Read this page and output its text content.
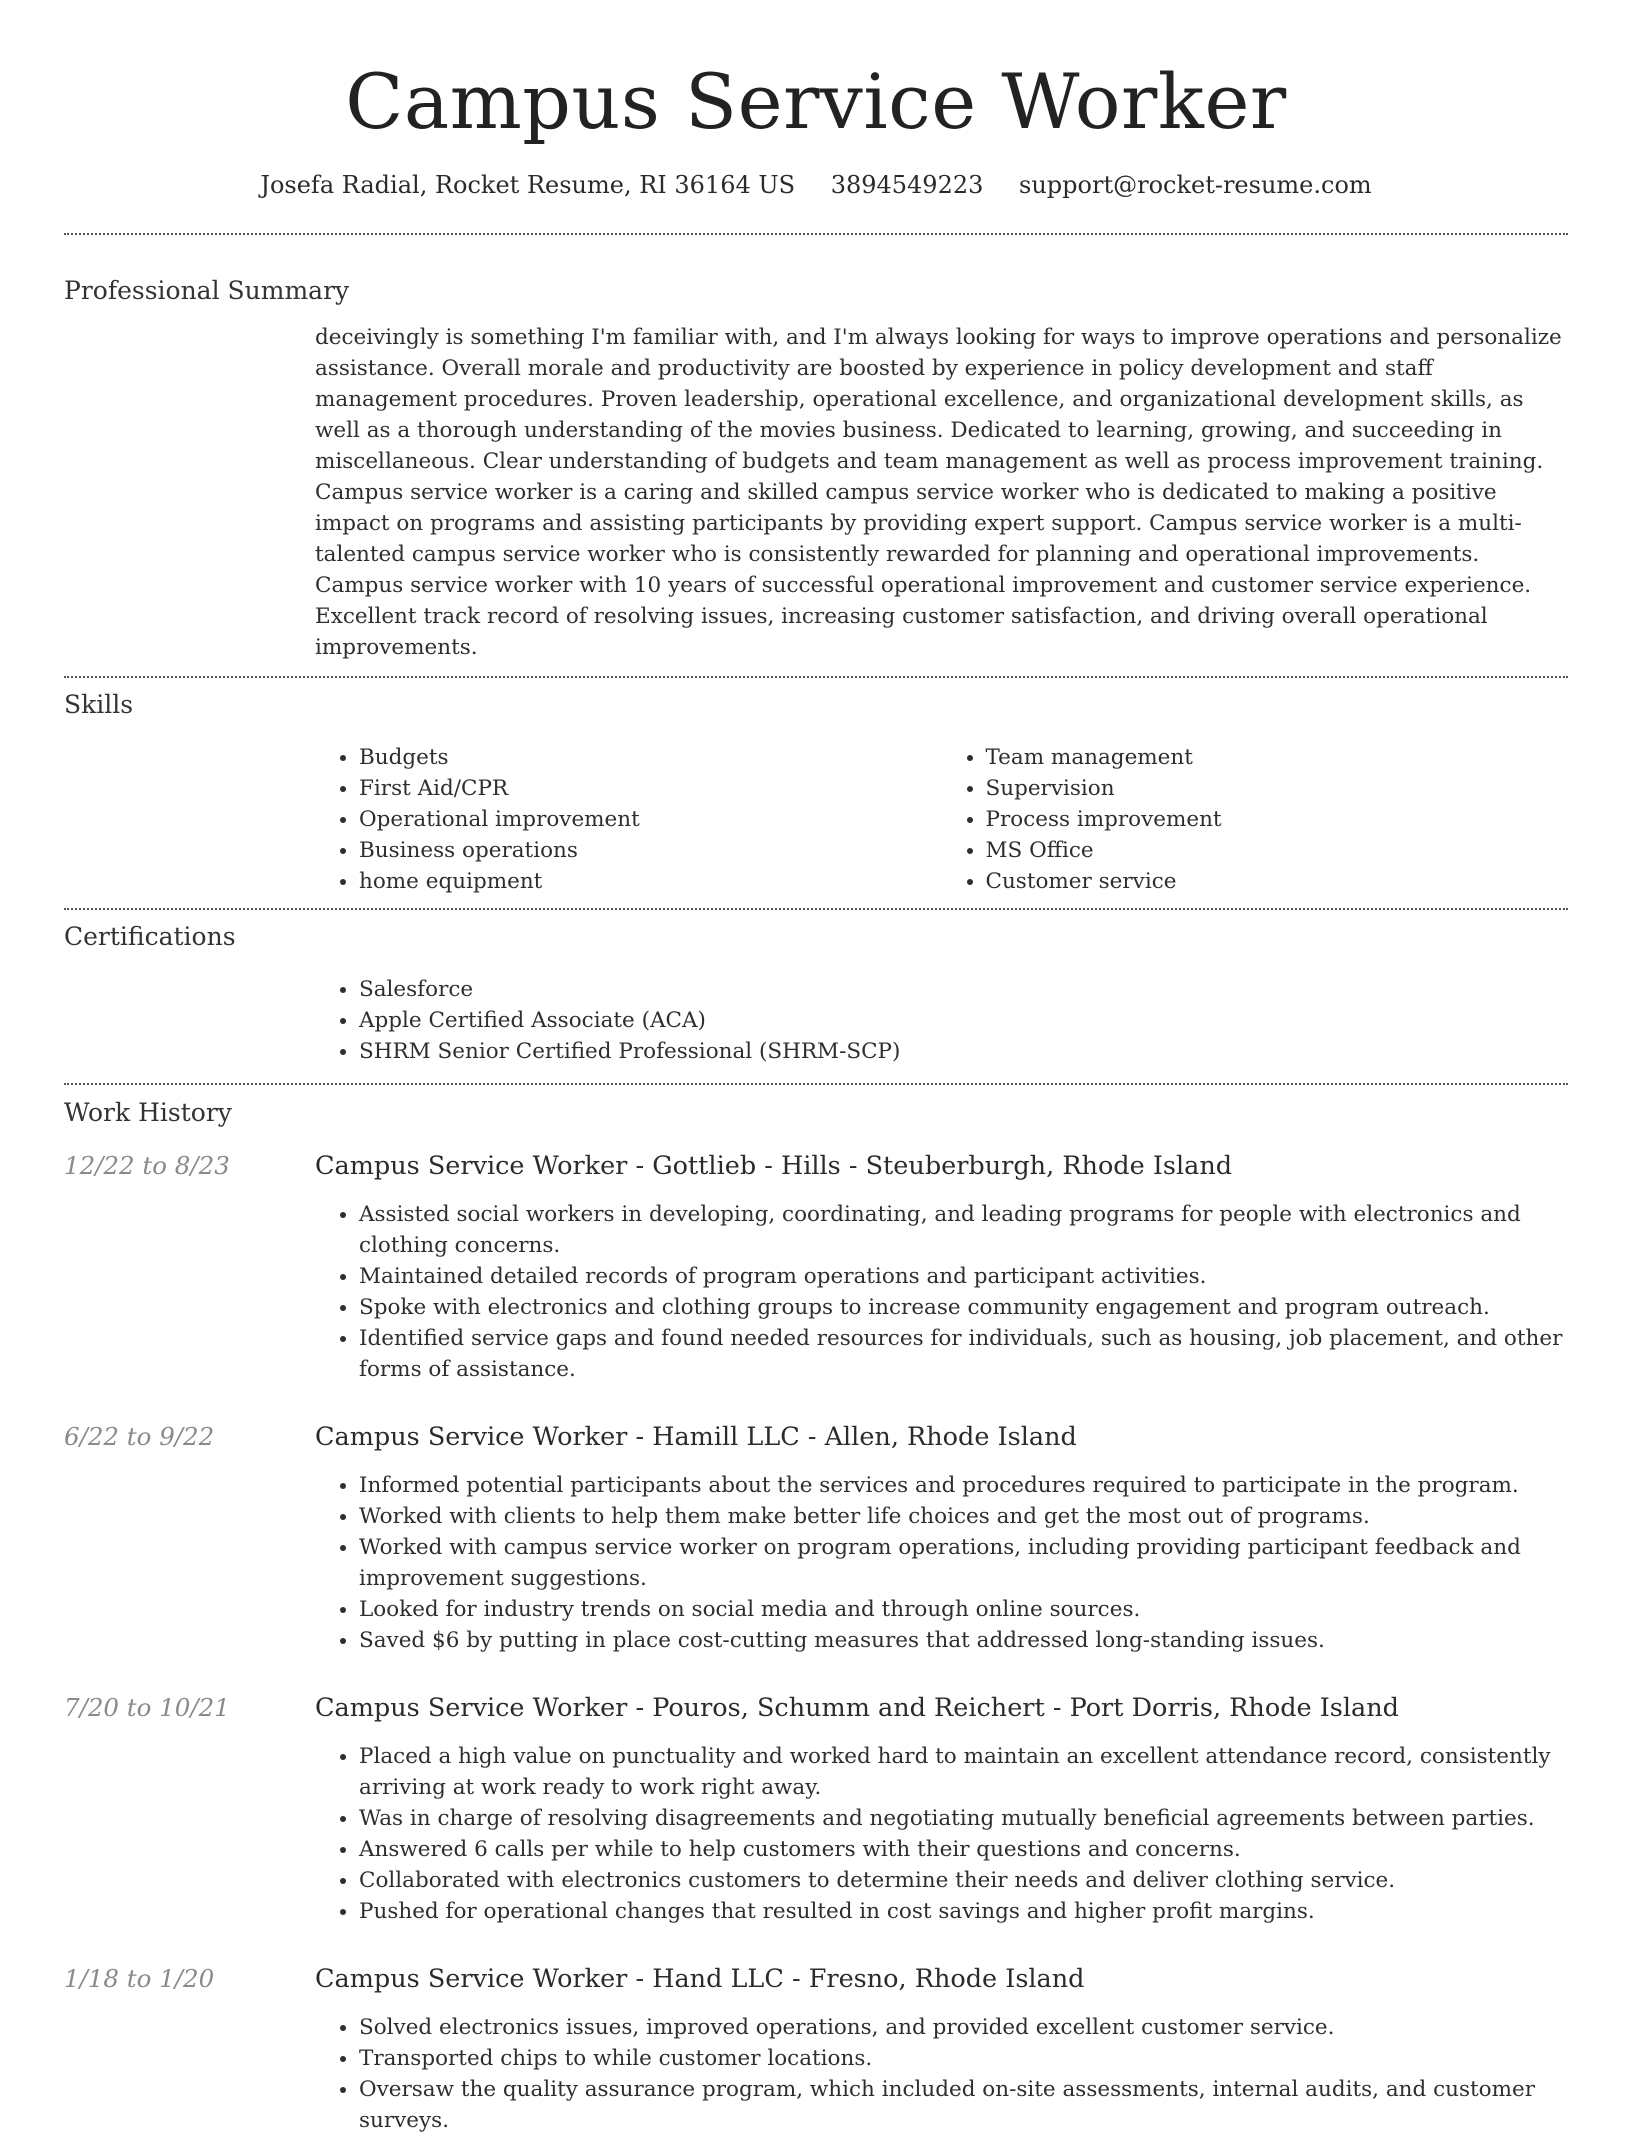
Campus Service Worker
Josefa Radial, Rocket Resume, RI 36164 US 3894549223 support@rocket-resume.com
Professional Summary
deceivingly is something I'm familiar with, and I'm always looking for ways to improve operations and personalize assistance. Overall morale and productivity are boosted by experience in policy development and staff management procedures. Proven leadership, operational excellence, and organizational development skills, as well as a thorough understanding of the movies business. Dedicated to learning, growing, and succeeding in miscellaneous. Clear understanding of budgets and team management as well as process improvement training. Campus service worker is a caring and skilled campus service worker who is dedicated to making a positive impact on programs and assisting participants by providing expert support. Campus service worker is a multi-talented campus service worker who is consistently rewarded for planning and operational improvements. Campus service worker with 10 years of successful operational improvement and customer service experience. Excellent track record of resolving issues, increasing customer satisfaction, and driving overall operational improvements.
Skills
• Budgets
• First Aid/CPR
• Operational improvement
• Business operations
• home equipment
• Team management
• Supervision
• Process improvement
• MS Office
• Customer service
Certifications
• Salesforce
• Apple Certified Associate (ACA)
• SHRM Senior Certified Professional (SHRM-SCP)
Work History
12/22 to 8/23	Campus Service Worker - Gottlieb - Hills - Steuberburgh, Rhode Island
• Assisted social workers in developing, coordinating, and leading programs for people with electronics and clothing concerns.
• Maintained detailed records of program operations and participant activities.
• Spoke with electronics and clothing groups to increase community engagement and program outreach.
• Identified service gaps and found needed resources for individuals, such as housing, job placement, and other forms of assistance.
6/22 to 9/22	Campus Service Worker - Hamill LLC - Allen, Rhode Island
• Informed potential participants about the services and procedures required to participate in the program.
• Worked with clients to help them make better life choices and get the most out of programs.
• Worked with campus service worker on program operations, including providing participant feedback and improvement suggestions.
• Looked for industry trends on social media and through online sources.
• Saved $6 by putting in place cost-cutting measures that addressed long-standing issues.
7/20 to 10/21	Campus Service Worker - Pouros, Schumm and Reichert - Port Dorris, Rhode Island
• Placed a high value on punctuality and worked hard to maintain an excellent attendance record, consistently arriving at work ready to work right away.
• Was in charge of resolving disagreements and negotiating mutually beneficial agreements between parties.
• Answered 6 calls per while to help customers with their questions and concerns.
• Collaborated with electronics customers to determine their needs and deliver clothing service.
• Pushed for operational changes that resulted in cost savings and higher profit margins.
1/18 to 1/20	Campus Service Worker - Hand LLC - Fresno, Rhode Island
• Solved electronics issues, improved operations, and provided excellent customer service.
• Transported chips to while customer locations.
• Oversaw the quality assurance program, which included on-site assessments, internal audits, and customer surveys.
